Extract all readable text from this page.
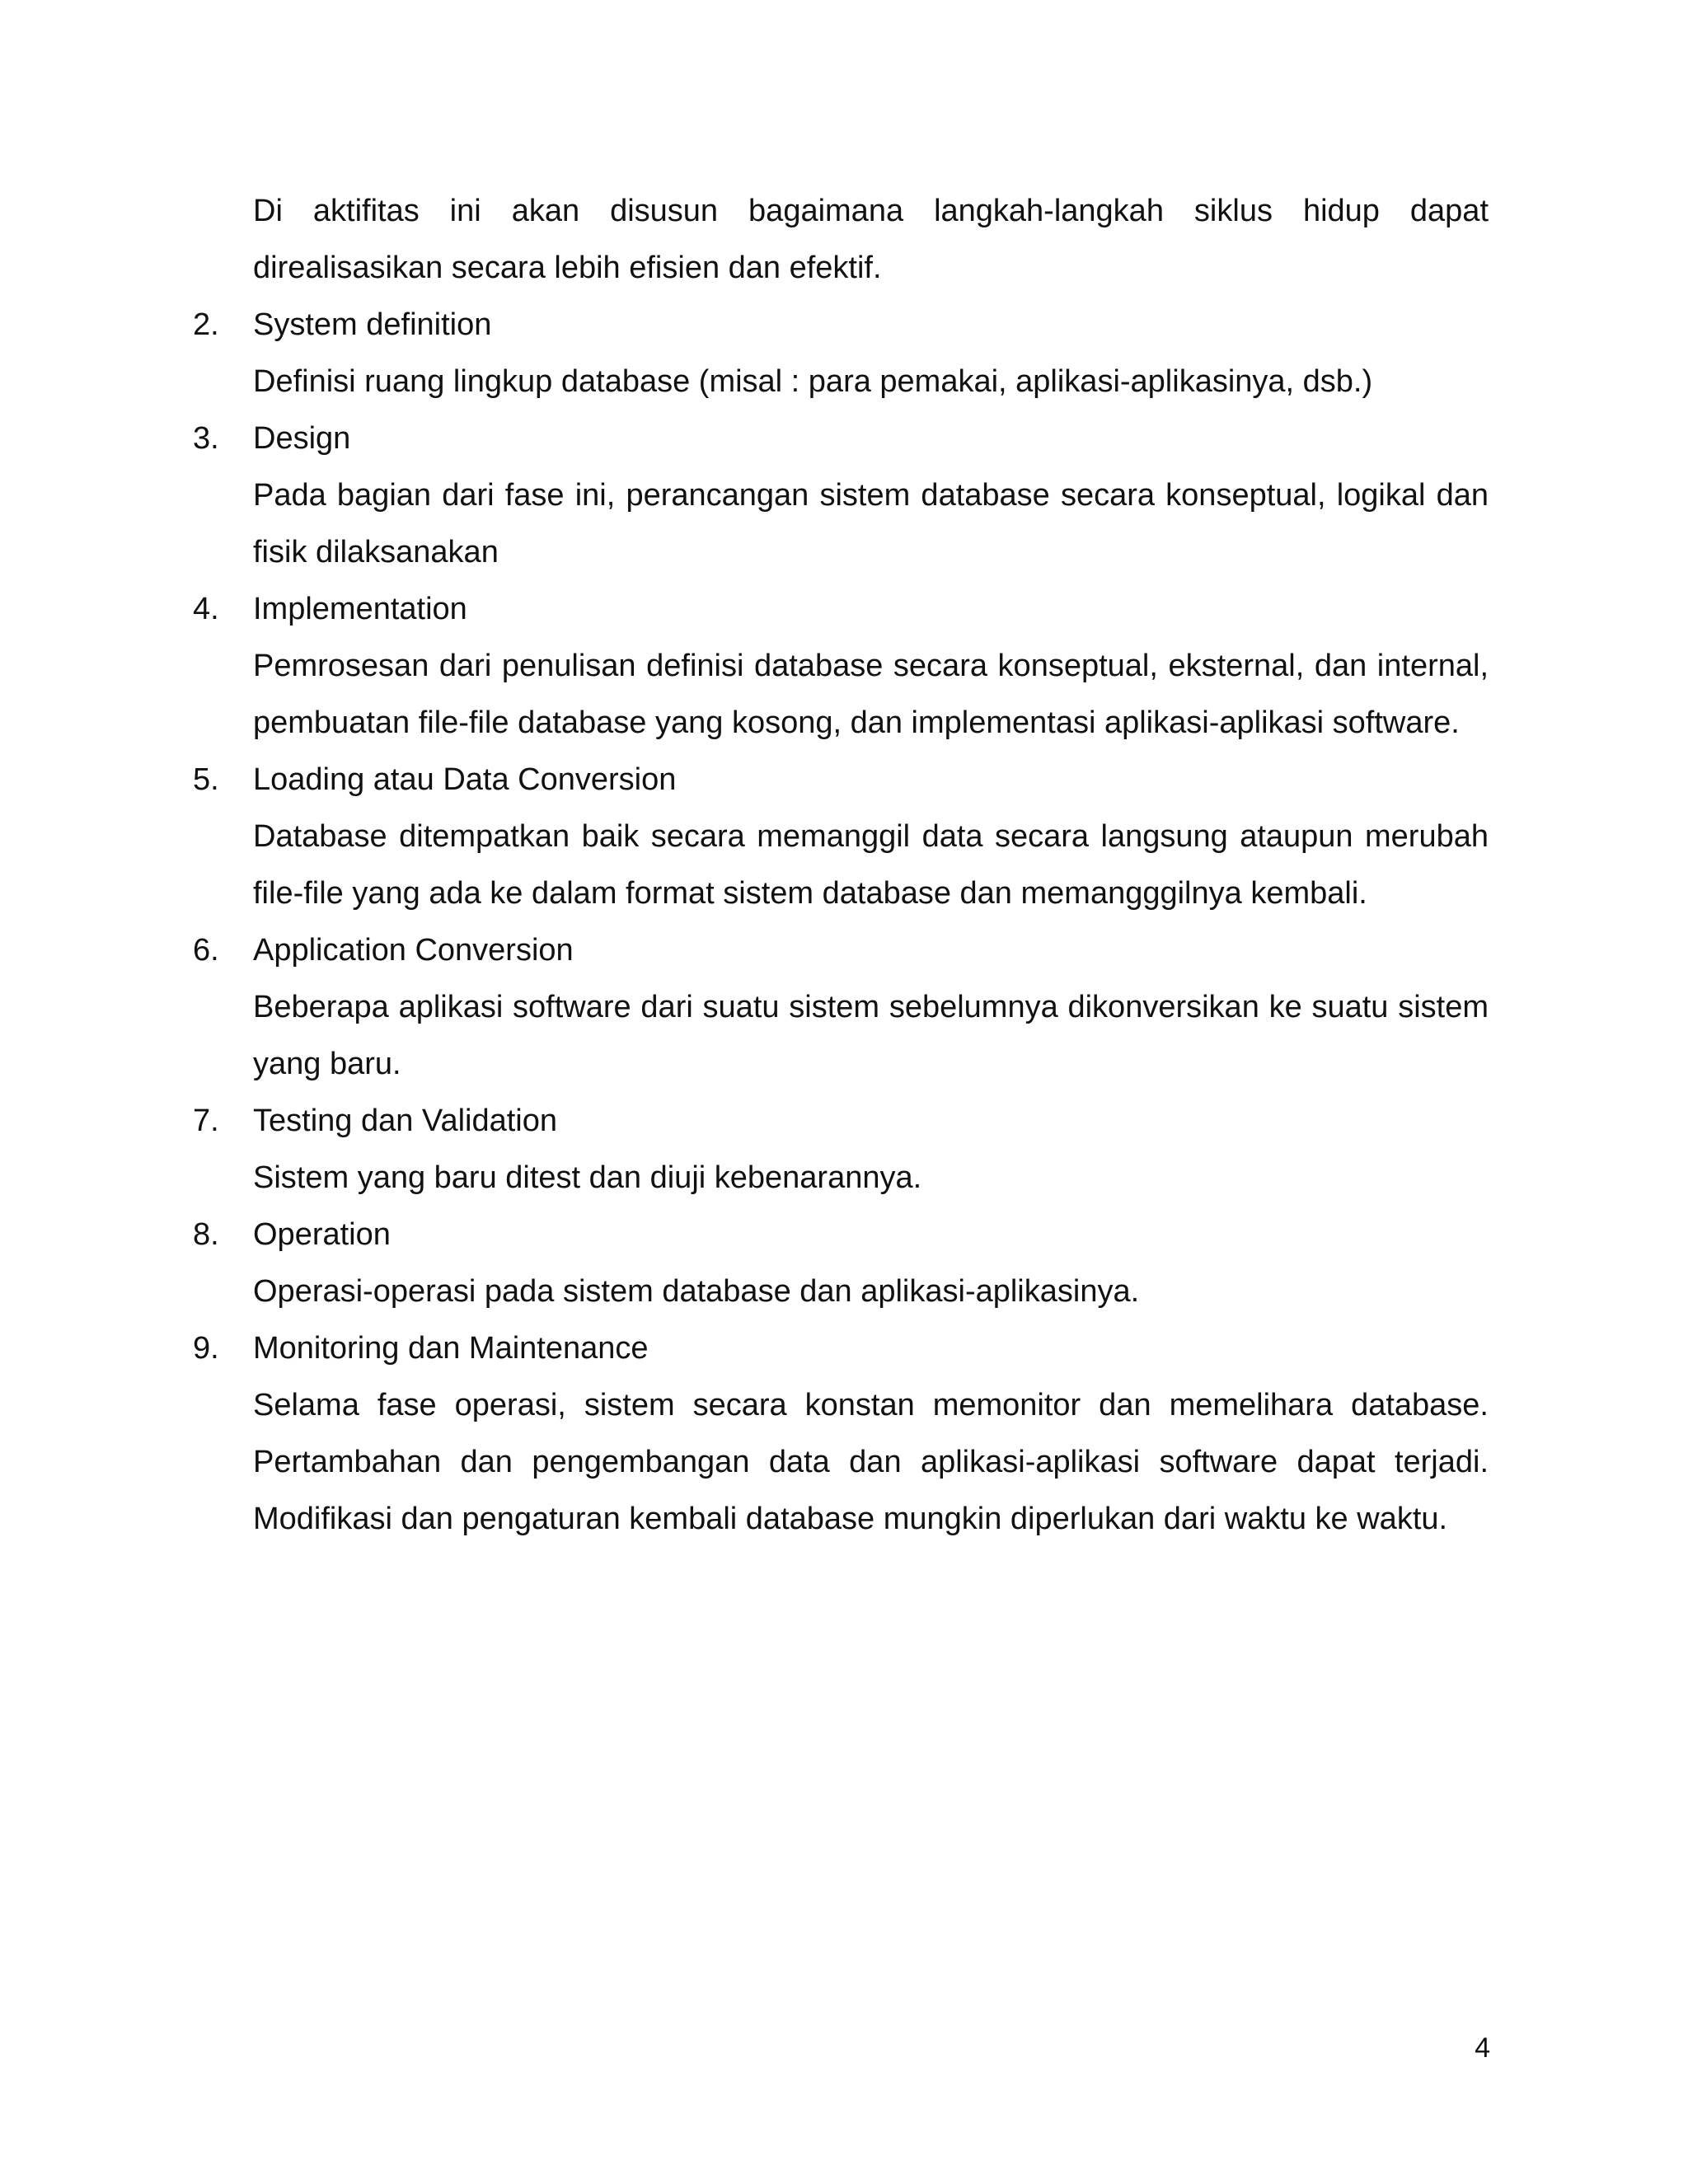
Di aktifitas ini akan disusun bagaimana langkah-langkah siklus hidup dapat direalisasikan secara lebih efisien dan efektif.

2. System definition

Definisi ruang lingkup database (misal : para pemakai, aplikasi-aplikasinya, dsb.)

3. Design

Pada bagian dari fase ini, perancangan sistem database secara konseptual, logikal dan fisik dilaksanakan

4. Implementation

Pemrosesan dari penulisan definisi database secara konseptual, eksternal, dan internal, pembuatan file-file database yang kosong, dan implementasi aplikasi-aplikasi software.

5. Loading atau Data Conversion

Database ditempatkan baik secara memanggil data secara langsung ataupun merubah file-file yang ada ke dalam format sistem database dan memangggilnya kembali.

6. Application Conversion

Beberapa aplikasi software dari suatu sistem sebelumnya dikonversikan ke suatu sistem yang baru.

7. Testing dan Validation

Sistem yang baru ditest dan diuji kebenarannya.

8. Operation

Operasi-operasi pada sistem database dan aplikasi-aplikasinya.

9. Monitoring dan Maintenance

Selama fase operasi, sistem secara konstan memonitor dan memelihara database. Pertambahan dan pengembangan data dan aplikasi-aplikasi software dapat terjadi. Modifikasi dan pengaturan kembali database mungkin diperlukan dari waktu ke waktu.

4
